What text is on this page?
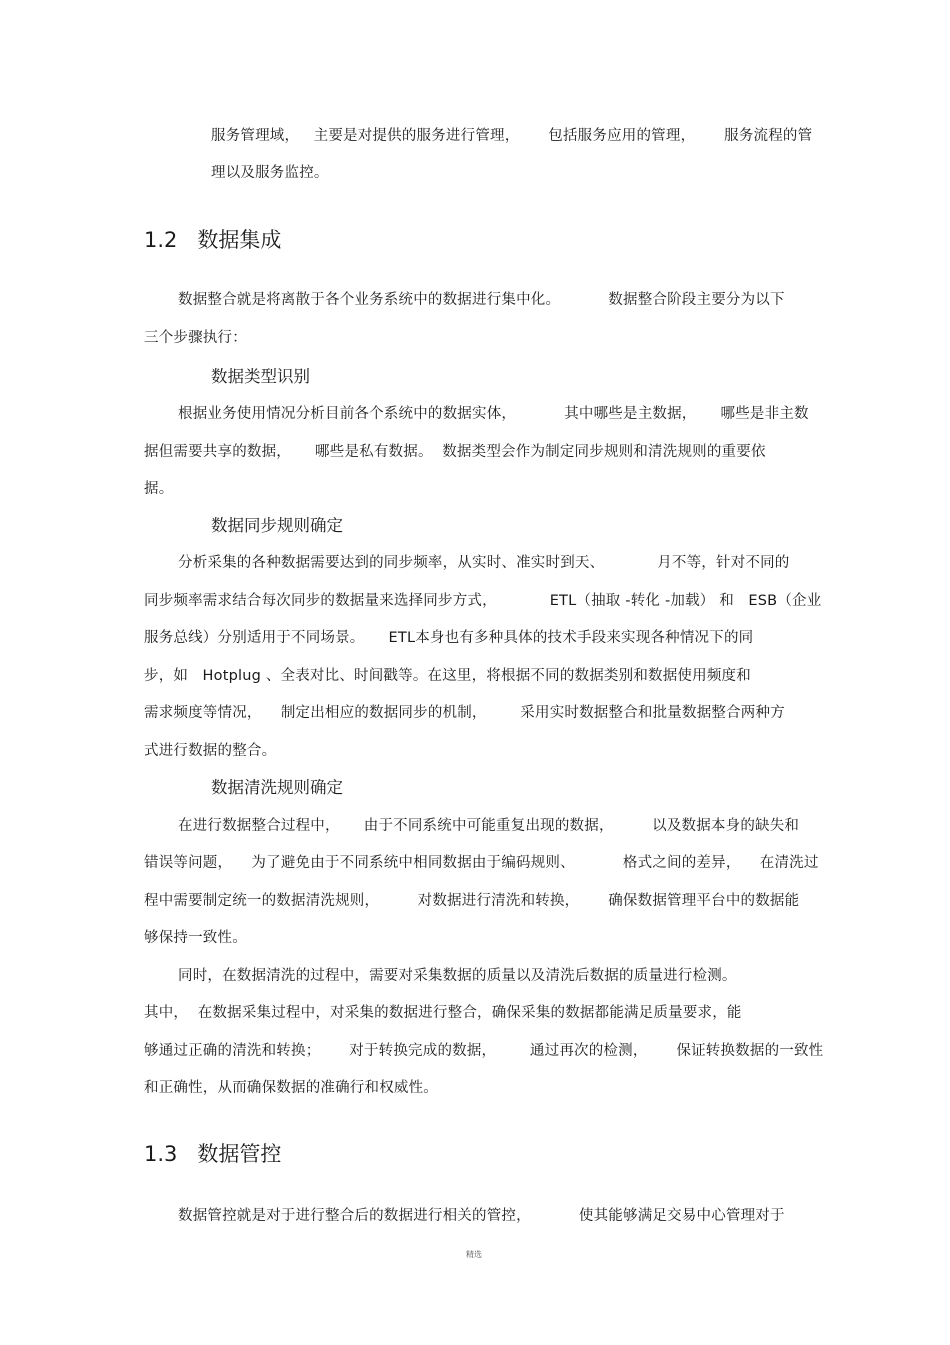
服务管理域，   主要是对提供的服务进行管理，      包括服务应用的管理，      服务流程的管
理以及服务监控。
1.2   数据集成
数据整合就是将离散于各个业务系统中的数据进行集中化。          数据整合阶段主要分为以下
三个步骤执行：
数据类型识别
根据业务使用情况分析目前各个系统中的数据实体，          其中哪些是主数据，     哪些是非主数
据但需要共享的数据，     哪些是私有数据。  数据类型会作为制定同步规则和清洗规则的重要依
据。
数据同步规则确定
分析采集的各种数据需要达到的同步频率，从实时、准实时到天、           月不等，针对不同的
同步频率需求结合每次同步的数据量来选择同步方式，           ETL（抽取 -转化 -加载） 和   ESB（企业
服务总线）分别适用于不同场景。     ETL本身也有多种具体的技术手段来实现各种情况下的同
步，如   Hotplug 、全表对比、时间戳等。在这里，将根据不同的数据类别和数据使用频度和
需求频度等情况，    制定出相应的数据同步的机制，       采用实时数据整合和批量数据整合两种方
式进行数据的整合。
数据清洗规则确定
在进行数据整合过程中，     由于不同系统中可能重复出现的数据，        以及数据本身的缺失和
错误等问题，    为了避免由于不同系统中相同数据由于编码规则、          格式之间的差异，    在清洗过
程中需要制定统一的数据清洗规则，        对数据进行清洗和转换，      确保数据管理平台中的数据能
够保持一致性。
同时，在数据清洗的过程中，需要对采集数据的质量以及清洗后数据的质量进行检测。
其中，  在数据采集过程中，对采集的数据进行整合，确保采集的数据都能满足质量要求，能
够通过正确的清洗和转换；      对于转换完成的数据，       通过再次的检测，      保证转换数据的一致性
和正确性，从而确保数据的准确行和权威性。
1.3   数据管控
数据管控就是对于进行整合后的数据进行相关的管控，          使其能够满足交易中心管理对于
精选
